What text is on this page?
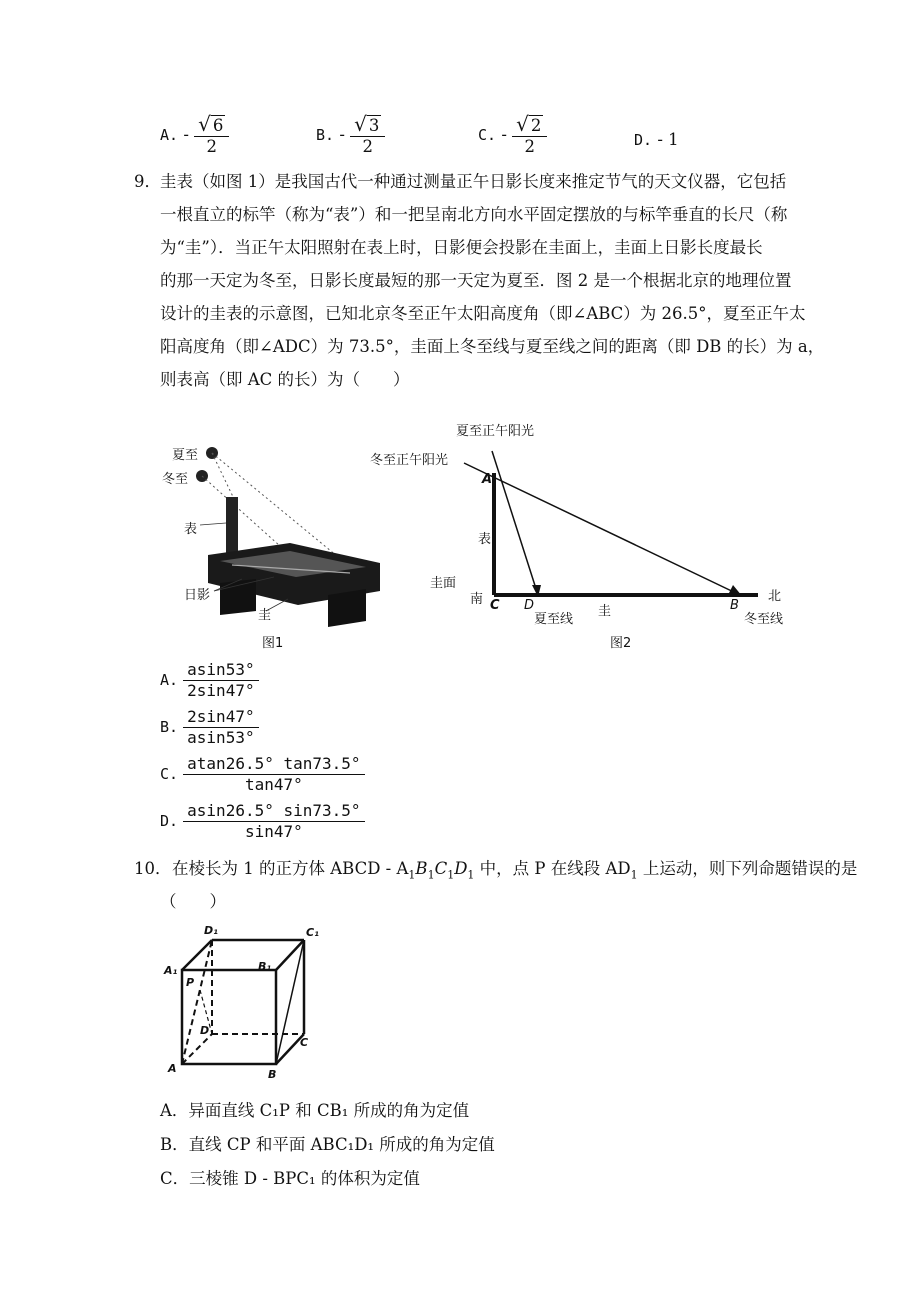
A. - $\frac{√ 6}{2}$	B. - $\frac{√ 3}{2}$	C. - $\frac{√ 2}{2}$	D. - 1
9． 圭表（如图 1）是我国古代一种通过测量正午日影长度来推定节气的天文仪器，它包括
一根直立的标竿（称为“表”）和一把呈南北方向水平固定摆放的与标竿垂直的长尺（称
为“圭”）．当正午太阳照射在表上时，日影便会投影在圭面上，圭面上日影长度最长
的那一天定为冬至，日影长度最短的那一天定为夏至．图 2 是一个根据北京的地理位置
设计的圭表的示意图，已知北京冬至正午太阳高度角（即∠ABC）为 26.5°，夏至正午太
阳高度角（即∠ADC）为 73.5°，圭面上冬至线与夏至线之间的距离（即 DB 的长）为 a，
则表高（即 AC 的长）为（　　）
夏至
冬至
表
日影
圭
图1
夏至正午阳光
冬至正午阳光
A
表
圭面
南 C D
夏至线
圭	B
北
冬至线
图2
A. $\frac{asin53^\circ}{2\sin 47^\circ}$
B. $\frac{2\sin 47^\circ}{asin53^\circ}$
C. $\frac{atan26.5^\circ \tan 73.5^\circ}{\tan 47^\circ}$
D. $\frac{asin26.5^\circ \sin 73.5^\circ}{\sin 47^\circ}$
10． 在棱长为 1 的正方体 ABCD - $A_1B_1C_1D_1$ 中，点 P 在线段 $AD_1$ 上运动，则下列命题错误的是
（　　）
D₁	C₁
A₁	B₁
P
D
C
A	B
A．异面直线 C₁P 和 CB₁ 所成的角为定值
B．直线 CP 和平面 ABC₁D₁ 所成的角为定值
C．三棱锥 D - BPC₁ 的体积为定值
